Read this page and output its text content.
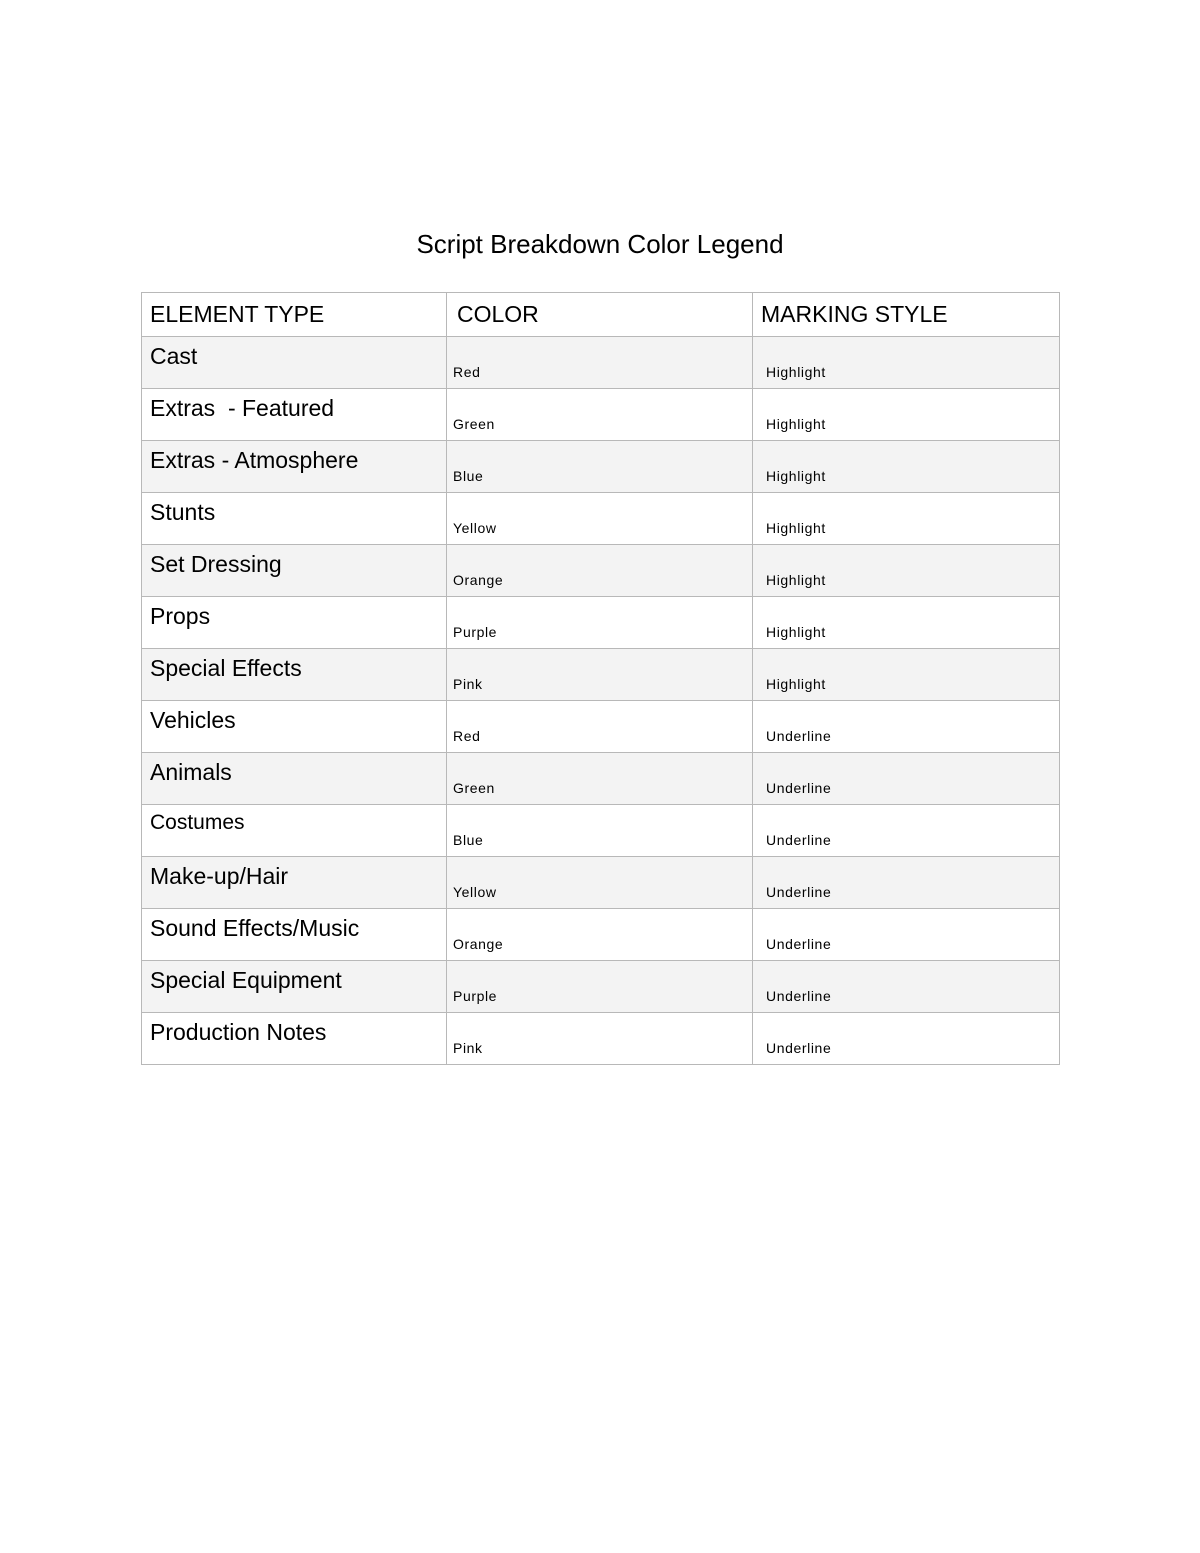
Script Breakdown Color Legend
ELEMENT TYPE	COLOR	MARKING STYLE
Cast	Red	Highlight
Extras  - Featured	Green	Highlight
Extras - Atmosphere	Blue	Highlight
Stunts	Yellow	Highlight
Set Dressing	Orange	Highlight
Props	Purple	Highlight
Special Effects	Pink	Highlight
Vehicles	Red	Underline
Animals	Green	Underline
Costumes	Blue	Underline
Make-up/Hair	Yellow	Underline
Sound Effects/Music	Orange	Underline
Special Equipment	Purple	Underline
Production Notes	Pink	Underline
